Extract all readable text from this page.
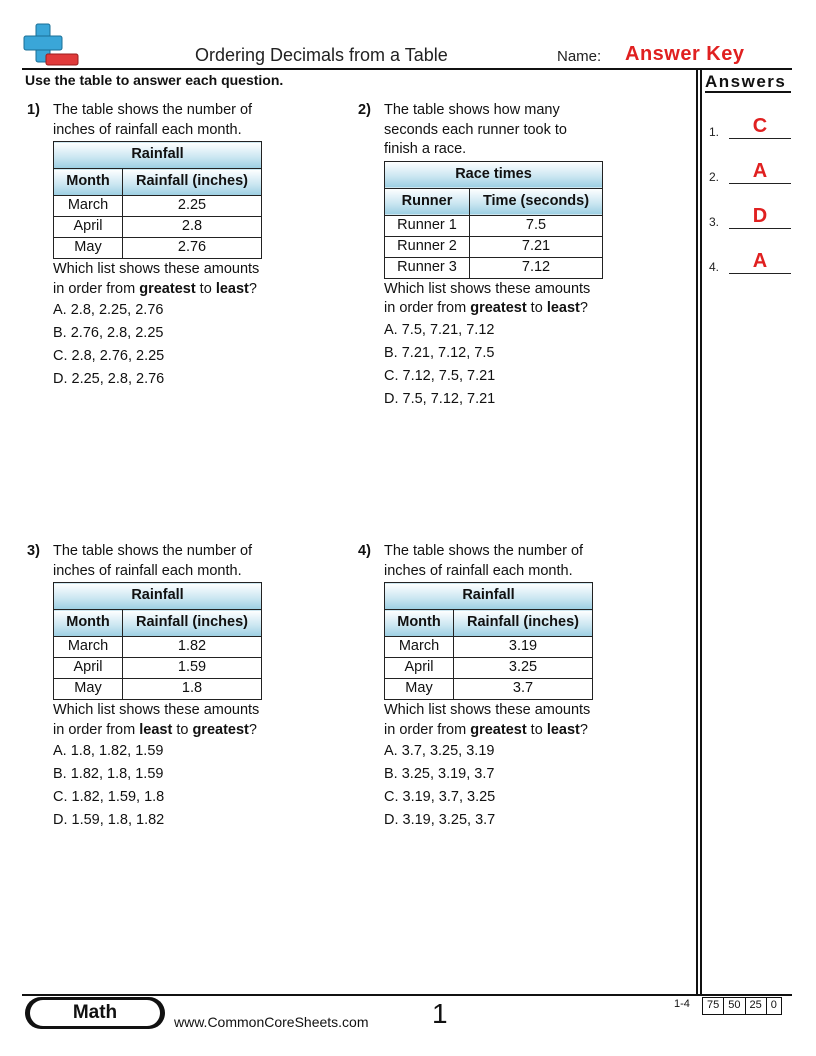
Ordering Decimals from a Table	Name: Answer Key
Use the table to answer each question.	Answers
1.	C
2.	A
3.	D
4.	A
1) The table shows the number of inches of rainfall each month.
Rainfall	
Month	Rainfall (inches)
March	2.25
April	2.8
May	2.76
Which list shows these amounts in order from greatest to least?
A. 2.8, 2.25, 2.76
B. 2.76, 2.8, 2.25
C. 2.8, 2.76, 2.25
D. 2.25, 2.8, 2.76
2) The table shows how many seconds each runner took to finish a race.
Race times	
Runner	Time (seconds)
Runner 1	7.5
Runner 2	7.21
Runner 3	7.12
Which list shows these amounts in order from greatest to least?
A. 7.5, 7.21, 7.12
B. 7.21, 7.12, 7.5
C. 7.12, 7.5, 7.21
D. 7.5, 7.12, 7.21
3) The table shows the number of inches of rainfall each month.
Rainfall	
Month	Rainfall (inches)
March	1.82
April	1.59
May	1.8
Which list shows these amounts in order from least to greatest?
A. 1.8, 1.82, 1.59
B. 1.82, 1.8, 1.59
C. 1.82, 1.59, 1.8
D. 1.59, 1.8, 1.82
4) The table shows the number of inches of rainfall each month.
Rainfall	
Month	Rainfall (inches)
March	3.19
April	3.25
May	3.7
Which list shows these amounts in order from greatest to least?
A. 3.7, 3.25, 3.19
B. 3.25, 3.19, 3.7
C. 3.19, 3.7, 3.25
D. 3.19, 3.25, 3.7
Math	www.CommonCoreSheets.com 1	1-4	75 50 25 0
